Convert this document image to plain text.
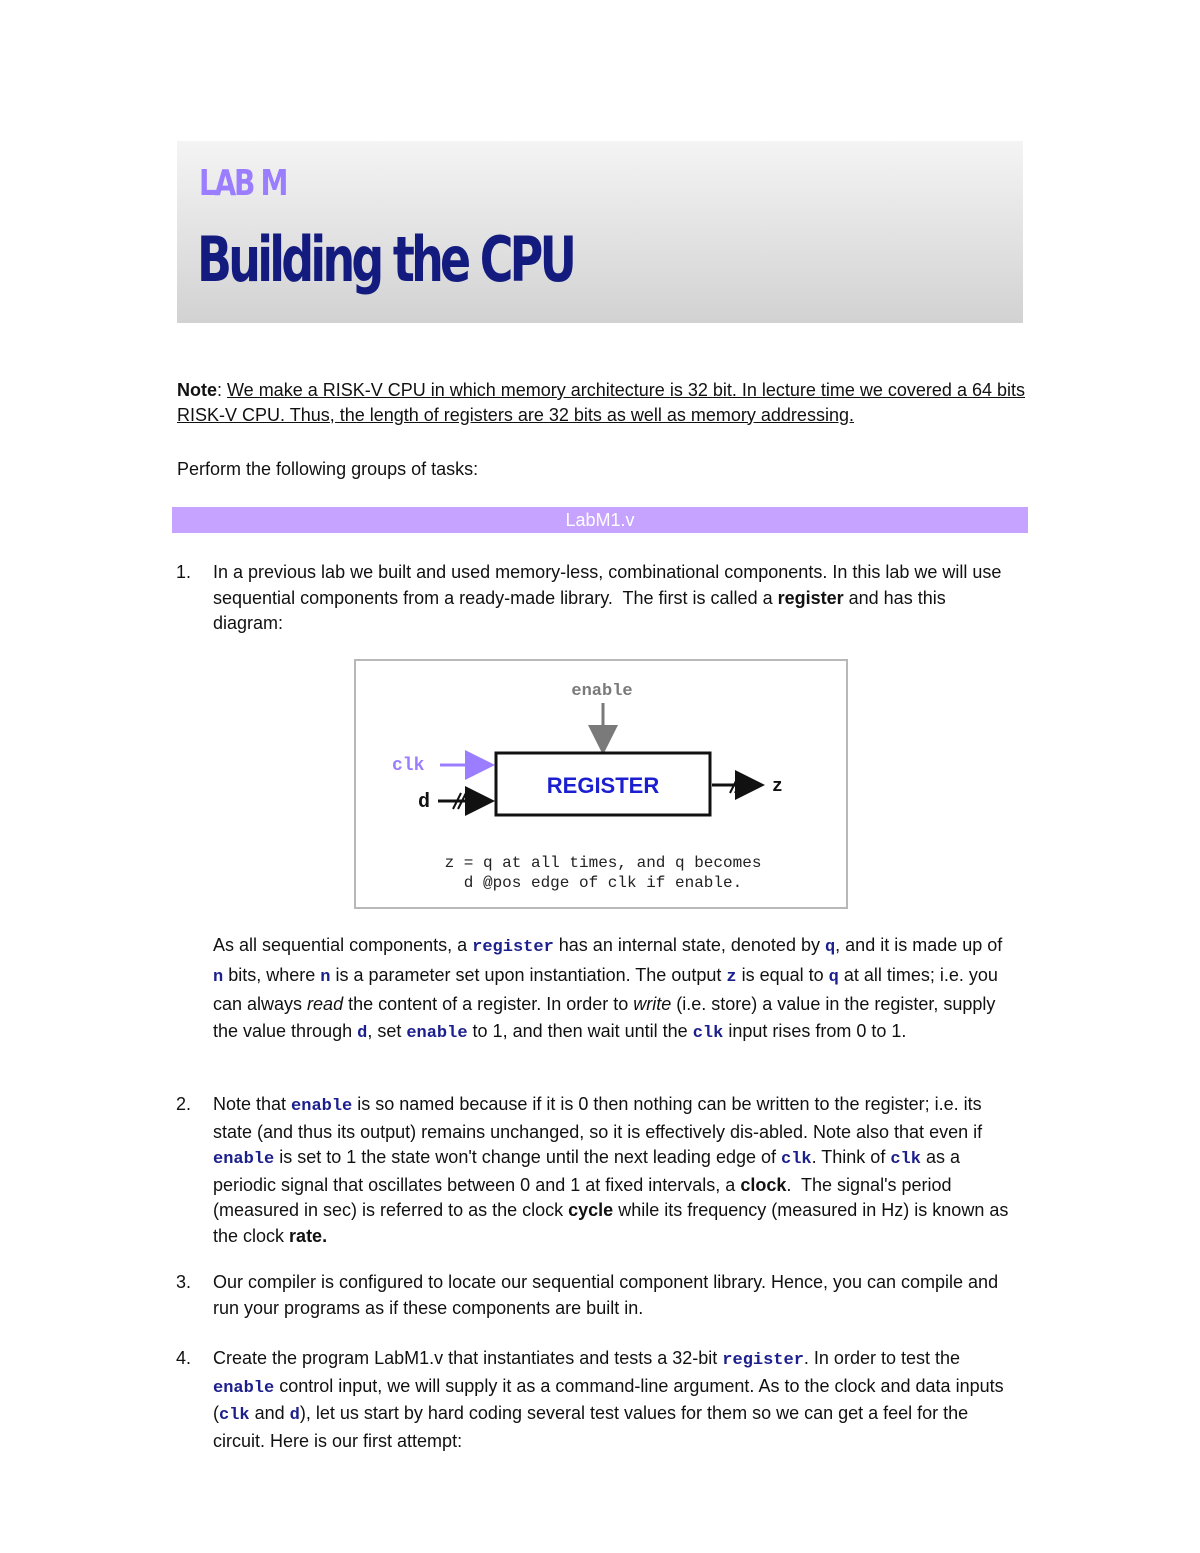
LAB M
Building the CPU

Note: We make a RISK-V CPU in which memory architecture is 32 bit. In lecture time we covered a 64 bits RISK-V CPU. Thus, the length of registers are 32 bits as well as memory addressing.

Perform the following groups of tasks:

LabM1.v
1. In a previous lab we built and used memory-less, combinational components. In this lab we will use sequential components from a ready-made library.  The first is called a register and has this diagram:
enable
REGISTER
clk
d
z
z = q at all times, and q becomes
d @pos edge of clk if enable.

As all sequential components, a register has an internal state, denoted by q, and it is made up of n bits, where n is a parameter set upon instantiation. The output z is equal to q at all times; i.e. you can always read the content of a register. In order to write (i.e. store) a value in the register, supply the value through d, set enable to 1, and then wait until the clk input rises from 0 to 1.

2. Note that enable is so named because if it is 0 then nothing can be written to the register; i.e. its state (and thus its output) remains unchanged, so it is effectively dis-abled. Note also that even if enable is set to 1 the state won't change until the next leading edge of clk. Think of clk as a periodic signal that oscillates between 0 and 1 at fixed intervals, a clock.  The signal's period (measured in sec) is referred to as the clock cycle while its frequency (measured in Hz) is known as the clock rate.
3. Our compiler is configured to locate our sequential component library. Hence, you can compile and run your programs as if these components are built in.
4. Create the program LabM1.v that instantiates and tests a 32-bit register. In order to test the enable control input, we will supply it as a command-line argument. As to the clock and data inputs (clk and d), let us start by hard coding several test values for them so we can get a feel for the circuit. Here is our first attempt:
